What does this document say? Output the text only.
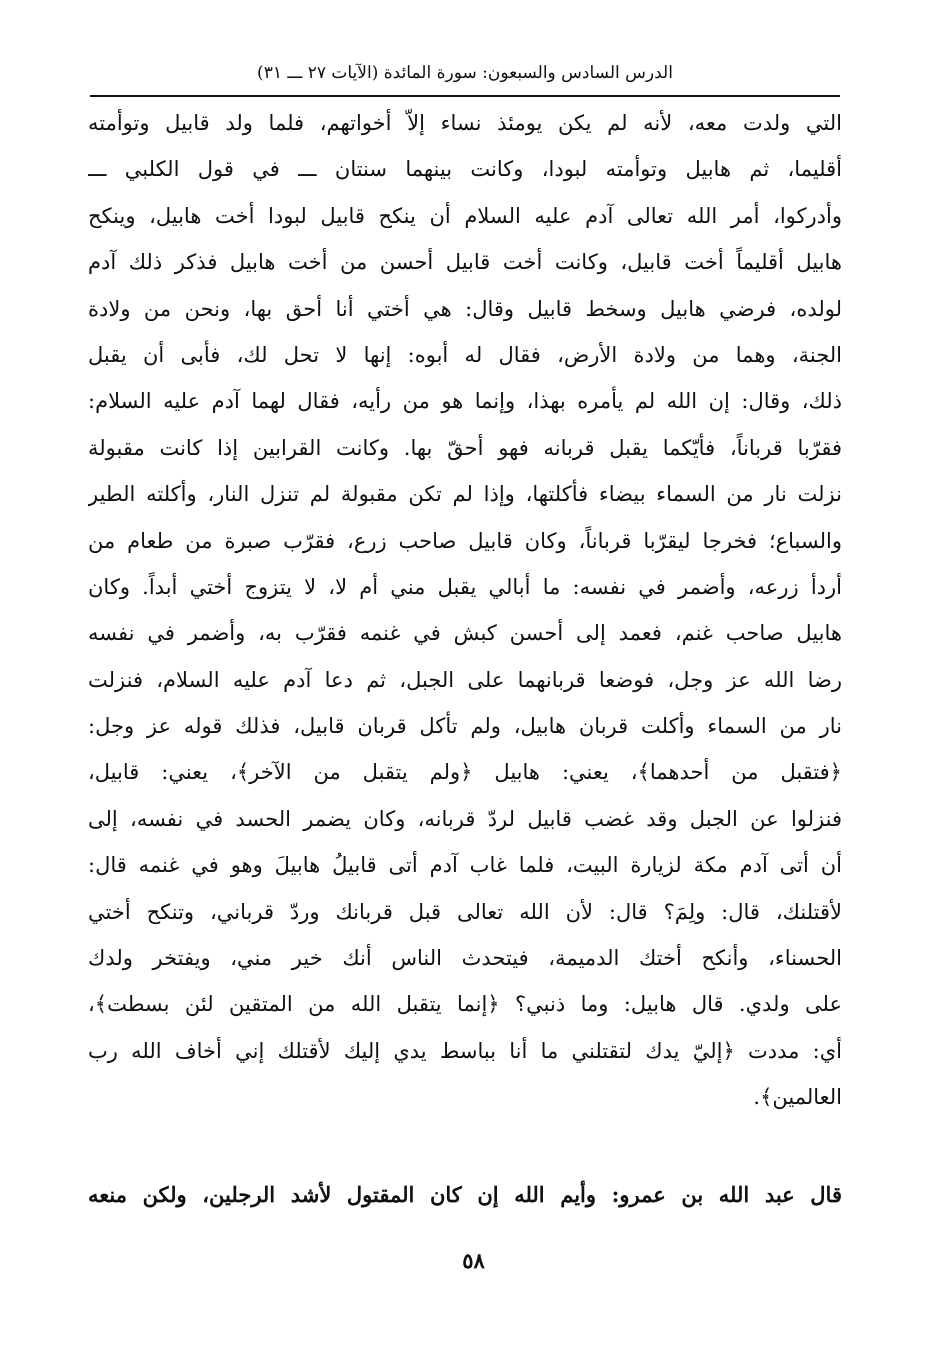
الدرس السادس والسبعون: سورة المائدة (الآيات ٢٧ ـــ ٣١)
التي ولدت معه، لأنه لم يكن يومئذ نساء إلاّ أخواتهم، فلما ولد قابيل وتوأمته
أقليما، ثم هابيل وتوأمته لبودا، وكانت بينهما سنتان ـــ في قول الكلبي ـــ
وأدركوا، أمر الله تعالى آدم عليه السلام أن ينكح قابيل لبودا أخت هابيل، وينكح
هابيل أقليماً أخت قابيل، وكانت أخت قابيل أحسن من أخت هابيل فذكر ذلك آدم
لولده، فرضي هابيل وسخط قابيل وقال: هي أختي أنا أحق بها، ونحن من ولادة
الجنة، وهما من ولادة الأرض، فقال له أبوه: إنها لا تحل لك، فأبى أن يقبل
ذلك، وقال: إن الله لم يأمره بهذا، وإنما هو من رأيه، فقال لهما آدم عليه السلام:
فقرّبا قرباناً، فأيّكما يقبل قربانه فهو أحقّ بها. وكانت القرابين إذا كانت مقبولة
نزلت نار من السماء بيضاء فأكلتها، وإذا لم تكن مقبولة لم تنزل النار، وأكلته الطير
والسباع؛ فخرجا ليقرّبا قرباناً، وكان قابيل صاحب زرع، فقرّب صبرة من طعام من
أردأ زرعه، وأضمر في نفسه: ما أبالي يقبل مني أم لا، لا يتزوج أختي أبداً. وكان
هابيل صاحب غنم، فعمد إلى أحسن كبش في غنمه فقرّب به، وأضمر في نفسه
رضا الله عز وجل، فوضعا قربانهما على الجبل، ثم دعا آدم عليه السلام، فنزلت
نار من السماء وأكلت قربان هابيل، ولم تأكل قربان قابيل، فذلك قوله عز وجل:
﴿فتقبل من أحدهما﴾، يعني: هابيل ﴿ولم يتقبل من الآخر﴾، يعني: قابيل،
فنزلوا عن الجبل وقد غضب قابيل لردّ قربانه، وكان يضمر الحسد في نفسه، إلى
أن أتى آدم مكة لزيارة البيت، فلما غاب آدم أتى قابيلُ هابيلَ وهو في غنمه قال:
لأقتلنك، قال: ولِمَ؟ قال: لأن الله تعالى قبل قربانك وردّ قرباني، وتنكح أختي
الحسناء، وأنكح أختك الدميمة، فيتحدث الناس أنك خير مني، ويفتخر ولدك
على ولدي. قال هابيل: وما ذنبي؟ ﴿إنما يتقبل الله من المتقين لئن بسطت﴾،
أي: مددت ﴿إليّ يدك لتقتلني ما أنا بباسط يدي إليك لأقتلك إني أخاف الله رب
العالمين﴾.
قال عبد الله بن عمرو: وأيم الله إن كان المقتول لأشد الرجلين، ولكن منعه
٥٨
